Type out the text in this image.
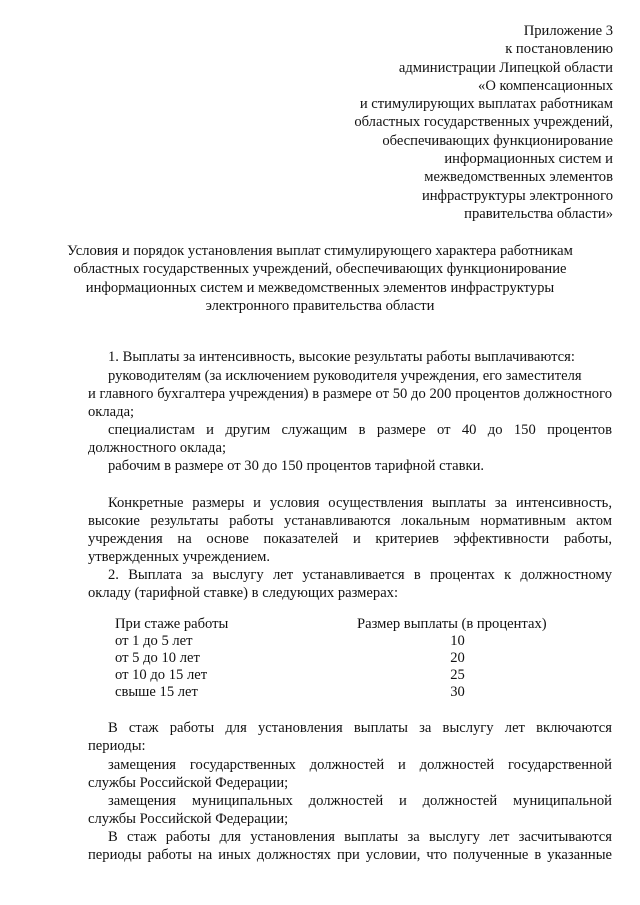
Приложение 3
к постановлению
администрации Липецкой области
«О компенсационных
и стимулирующих выплатах работникам
областных государственных учреждений,
обеспечивающих функционирование
информационных систем и
межведомственных элементов
инфраструктуры электронного
правительства области»
Условия и порядок установления выплат стимулирующего характера работникам
областных государственных учреждений, обеспечивающих функционирование
информационных систем и межведомственных элементов инфраструктуры
электронного правительства области
1. Выплаты за интенсивность, высокие результаты работы выплачиваются:
руководителям (за исключением руководителя учреждения, его заместителя
и главного бухгалтера учреждения) в размере от 50 до 200 процентов должностного
оклада;
специалистам и другим служащим в размере от 40 до 150 процентов
должностного оклада;
рабочим в размере от 30 до 150 процентов тарифной ставки.
Конкретные размеры и условия осуществления выплаты за интенсивность,
высокие результаты работы устанавливаются локальным нормативным актом
учреждения на основе показателей и критериев эффективности работы,
утвержденных учреждением.
2. Выплата за выслугу лет устанавливается в процентах к должностному
окладу (тарифной ставке) в следующих размерах:
При стаже работы	Размер выплаты (в процентах)
от 1 до 5 лет	10
от 5 до 10 лет	20
от 10 до 15 лет	25
свыше 15 лет	30
В стаж работы для установления выплаты за выслугу лет включаются
периоды:
замещения государственных должностей и должностей государственной
службы Российской Федерации;
замещения муниципальных должностей и должностей муниципальной
службы Российской Федерации;
В стаж работы для установления выплаты за выслугу лет засчитываются
периоды работы на иных должностях при условии, что полученные в указанные
